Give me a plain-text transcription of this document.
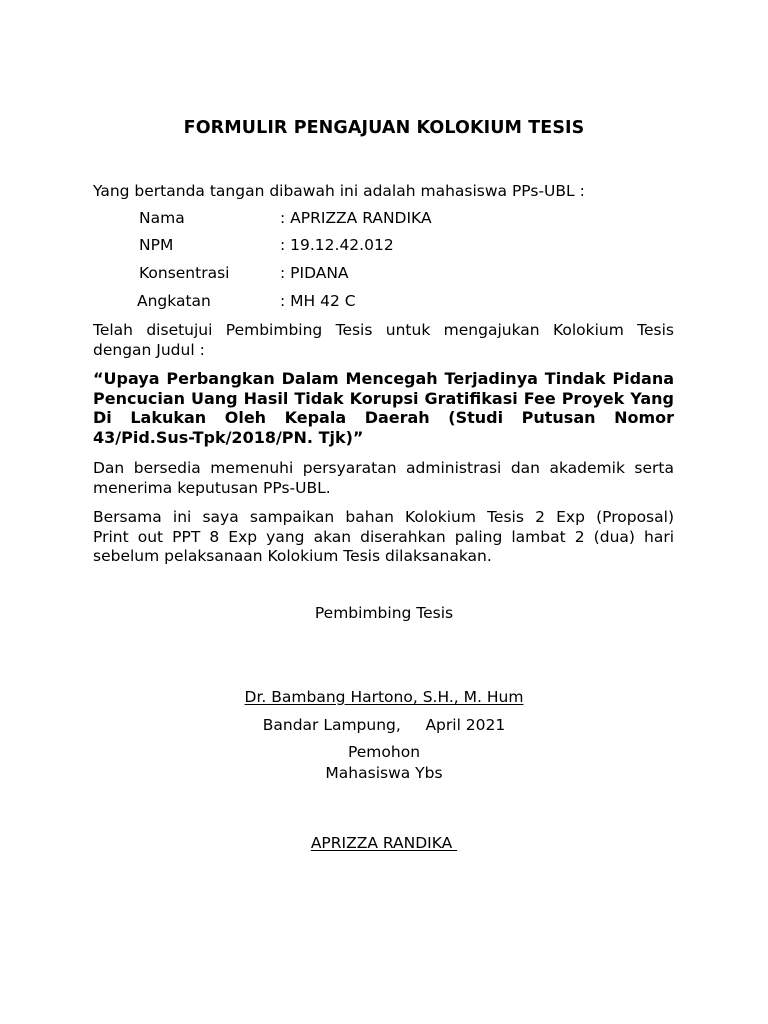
FORMULIR PENGAJUAN KOLOKIUM TESIS
Yang bertanda tangan dibawah ini adalah mahasiswa PPs-UBL :
Nama	: APRIZZA RANDIKA
NPM	: 19.12.42.012
Konsentrasi	: PIDANA
Angkatan	: MH 42 C
Telah disetujui Pembimbing Tesis untuk mengajukan Kolokium Tesis
dengan Judul :
“Upaya Perbangkan Dalam Mencegah Terjadinya Tindak Pidana
Pencucian Uang Hasil Tidak Korupsi Gratifikasi Fee Proyek Yang
Di Lakukan Oleh Kepala Daerah (Studi Putusan Nomor
43/Pid.Sus-Tpk/2018/PN. Tjk)”
Dan bersedia memenuhi persyaratan administrasi dan akademik serta
menerima keputusan PPs-UBL.
Bersama ini saya sampaikan bahan Kolokium Tesis 2 Exp (Proposal)
Print out PPT 8 Exp yang akan diserahkan paling lambat 2 (dua) hari
sebelum pelaksanaan Kolokium Tesis dilaksanakan.
Pembimbing Tesis
Dr. Bambang Hartono, S.H., M. Hum
Bandar Lampung, April 2021
Pemohon
Mahasiswa Ybs
APRIZZA RANDIKA
